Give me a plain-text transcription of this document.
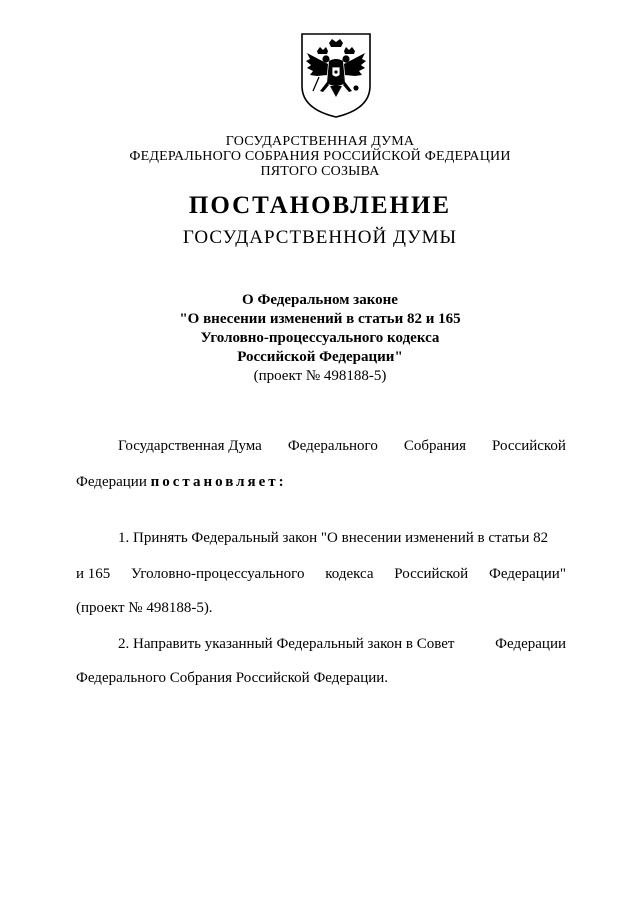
ГОСУДАРСТВЕННАЯ ДУМА
ФЕДЕРАЛЬНОГО СОБРАНИЯ РОССИЙСКОЙ ФЕДЕРАЦИИ
ПЯТОГО СОЗЫВА
ПОСТАНОВЛЕНИЕ
ГОСУДАРСТВЕННОЙ ДУМЫ
О Федеральном законе
"О внесении изменений в статьи 82 и 165
Уголовно-процессуального кодекса
Российской Федерации"
(проект № 498188-5)
Государственная Дума Федерального Собрания Российской
Федерации постановляет:
1. Принять Федеральный закон "О внесении изменений в статьи 82
и 165 Уголовно-процессуального кодекса Российской Федерации"
(проект № 498188-5).
2. Направить указанный Федеральный закон в Совет	Федерации
Федерального Собрания Российской Федерации.
